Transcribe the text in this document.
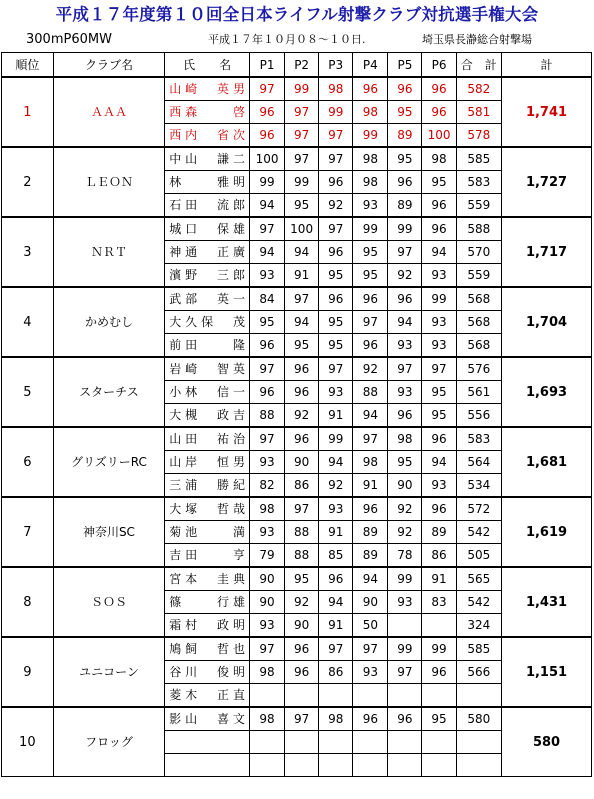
平成１７年度第１０回全日本ライフル射撃クラブ対抗選手権大会
300mP60MW	平成１７年１０月０８～１０日.	埼玉県長瀞総合射撃場
順位	クラブ名	氏　　名	P1	P2	P3	P4	P5	P6	合　計	計
1	ＡＡＡ	山崎　英男	97	99	98	96	96	96	582	1,741
		西森　　啓	96	97	99	98	95	96	581	
		西内　省次	96	97	97	99	89	100	578	
2	ＬＥＯＮ	中山　謙二	100	97	97	98	95	98	585	1,727
		林　　雅明	99	99	96	98	96	95	583	
		石田　流郎	94	95	92	93	89	96	559	
3	ＮＲＴ	城口　保雄	97	100	97	99	99	96	588	1,717
		神通　正廣	94	94	96	95	97	94	570	
		濱野　三郎	93	91	95	95	92	93	559	
4	かめむし	武部　英一	84	97	96	96	96	99	568	1,704
		大久保　茂	95	94	95	97	94	93	568	
		前田　　隆	96	95	95	96	93	93	568	
5	スターチス	岩崎　智英	97	96	97	92	97	97	576	1,693
		小林　信一	96	96	93	88	93	95	561	
		大槻　政吉	88	92	91	94	96	95	556	
6	グリズリーRC	山田　祐治	97	96	99	97	98	96	583	1,681
		山岸　恒男	93	90	94	98	95	94	564	
		三浦　勝紀	82	86	92	91	90	93	534	
7	神奈川SC	大塚　哲哉	98	97	93	96	92	96	572	1,619
		菊池　　満	93	88	91	89	92	89	542	
		吉田　　亨	79	88	85	89	78	86	505	
8	ＳＯＳ	宮本　圭典	90	95	96	94	99	91	565	1,431
		篠　　行雄	90	92	94	90	93	83	542	
		霜村　政明	93	90	91	50			324	
9	ユニコーン	鳩飼　哲也	97	96	97	97	99	99	585	1,151
		谷川　俊明	98	96	86	93	97	96	566	
		菱木　正直								
10	フロッグ	影山　喜文	98	97	98	96	96	95	580	580
